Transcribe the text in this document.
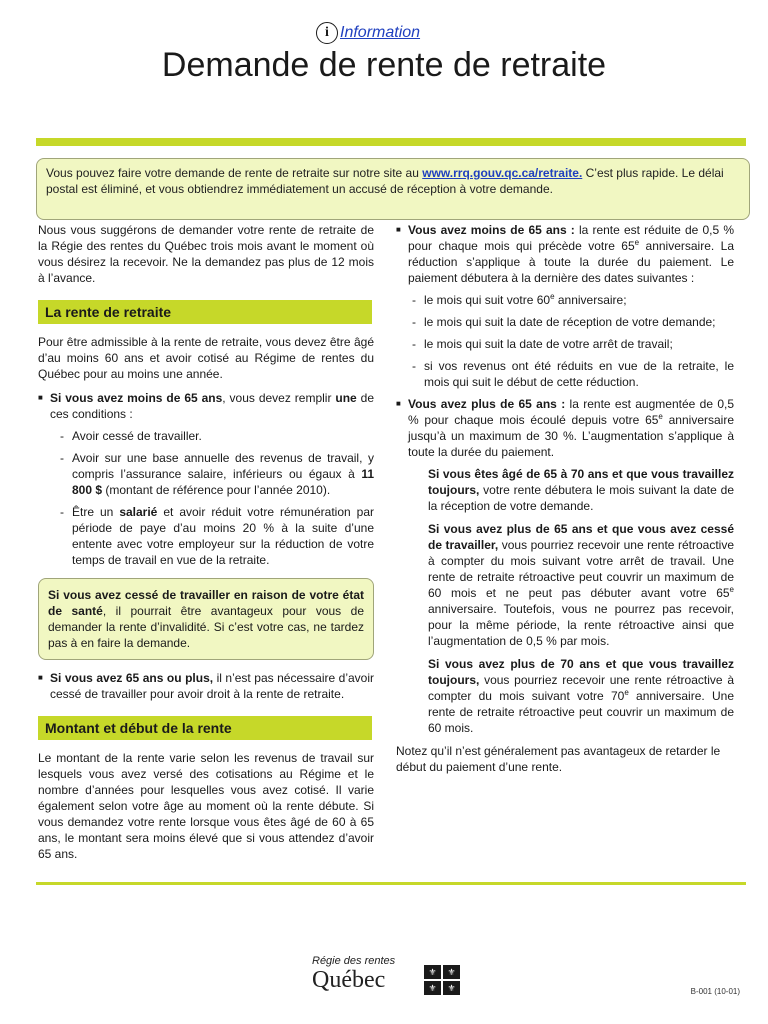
i Information
Demande de rente de retraite
Vous pouvez faire votre demande de rente de retraite sur notre site au www.rrq.gouv.qc.ca/retraite. C’est plus rapide. Le délai postal est éliminé, et vous obtiendrez immédiatement un accusé de réception à votre demande.

Nous vous suggérons de demander votre rente de retraite de la Régie des rentes du Québec trois mois avant le moment où vous désirez la recevoir. Ne la demandez pas plus de 12 mois à l’avance.

La rente de retraite

Pour être admissible à la rente de retraite, vous devez être âgé d’au moins 60 ans et avoir cotisé au Régime de rentes du Québec pour au moins une année.

■ Si vous avez moins de 65 ans, vous devez remplir une de ces conditions :
- Avoir cessé de travailler.
- Avoir sur une base annuelle des revenus de travail, y compris l’assurance salaire, inférieurs ou égaux à 11 800 $ (montant de référence pour l’année 2010).
- Être un salarié et avoir réduit votre rémunération par période de paye d’au moins 20 % à la suite d’une entente avec votre employeur sur la réduction de votre temps de travail en vue de la retraite.

Si vous avez cessé de travailler en raison de votre état de santé, il pourrait être avantageux pour vous de demander la rente d’invalidité. Si c’est votre cas, ne tardez pas à en faire la demande.

■ Si vous avez 65 ans ou plus, il n’est pas nécessaire d’avoir cessé de travailler pour avoir droit à la rente de retraite.
Montant et début de la rente

Le montant de la rente varie selon les revenus de travail sur lesquels vous avez versé des cotisations au Régime et le nombre d’années pour lesquelles vous avez cotisé. Il varie également selon votre âge au moment où la rente débute. Si vous demandez votre rente lorsque vous êtes âgé de 60 à 65 ans, le montant sera moins élevé que si vous attendez d’avoir 65 ans.

■ Vous avez moins de 65 ans : la rente est réduite de 0,5 % pour chaque mois qui précède votre 65e anniversaire. La réduction s’applique à toute la durée du paiement. Le paiement débutera à la dernière des dates suivantes :
- le mois qui suit votre 60e anniversaire;
- le mois qui suit la date de réception de votre demande;
- le mois qui suit la date de votre arrêt de travail;
- si vos revenus ont été réduits en vue de la retraite, le mois qui suit le début de cette réduction.
■ Vous avez plus de 65 ans : la rente est augmentée de 0,5 % pour chaque mois écoulé depuis votre 65e anniversaire jusqu’à un maximum de 30 %. L’augmentation s’applique à toute la durée du paiement.
Si vous êtes âgé de 65 à 70 ans et que vous travaillez toujours, votre rente débutera le mois suivant la date de la réception de votre demande.
Si vous avez plus de 65 ans et que vous avez cessé de travailler, vous pourriez recevoir une rente rétroactive à compter du mois suivant votre arrêt de travail. Une rente de retraite rétroactive peut couvrir un maximum de 60 mois et ne peut pas débuter avant votre 65e anniversaire. Toutefois, vous ne pourrez pas recevoir, pour la même période, la rente rétroactive ainsi que l’augmentation de 0,5 % par mois.
Si vous avez plus de 70 ans et que vous travaillez toujours, vous pourriez recevoir une rente rétroactive à compter du mois suivant votre 70e anniversaire. Une rente de retraite rétroactive peut couvrir un maximum de 60 mois.

Notez qu’il n’est généralement pas avantageux de retarder le début du paiement d’une rente.

Régie des rentes
Québec	⚜	⚜
⚜	⚜	B-001 (10-01)
